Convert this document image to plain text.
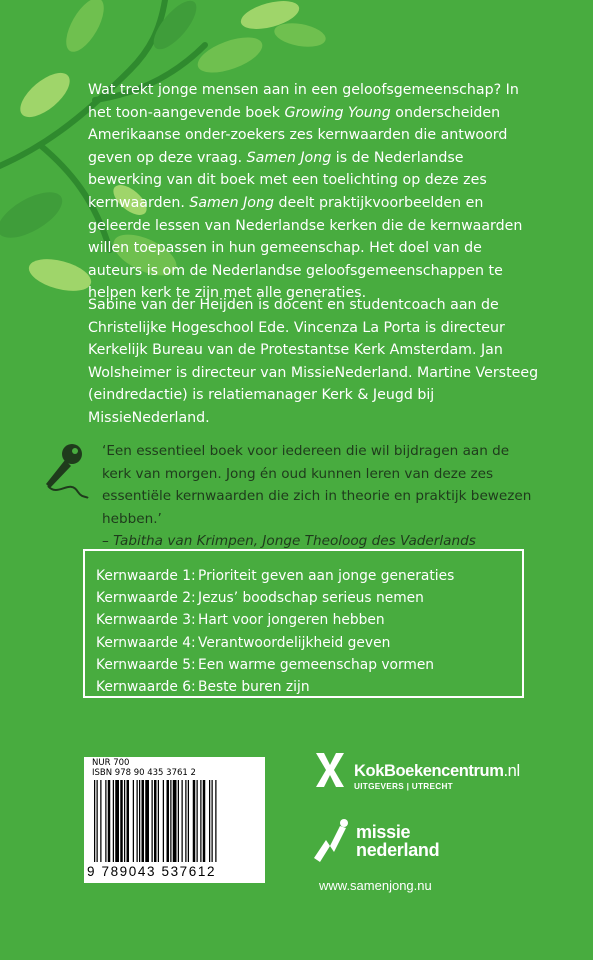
Wat trekt jonge mensen aan in een geloofsgemeenschap? In het toon-aangevende boek Growing Young onderscheiden Amerikaanse onder-zoekers zes kernwaarden die antwoord geven op deze vraag. Samen Jong is de Nederlandse bewerking van dit boek met een toelichting op deze zes kernwaarden. Samen Jong deelt praktijkvoorbeelden en geleerde lessen van Nederlandse kerken die de kernwaarden willen toepassen in hun gemeenschap. Het doel van de auteurs is om de Nederlandse geloofsgemeenschappen te helpen kerk te zijn met alle generaties.
Sabine van der Heijden is docent en studentcoach aan de Christelijke Hogeschool Ede. Vincenza La Porta is directeur Kerkelijk Bureau van de Protestantse Kerk Amsterdam. Jan Wolsheimer is directeur van MissieNederland. Martine Versteeg (eindredactie) is relatiemanager Kerk & Jeugd bij MissieNederland.
‘Een essentieel boek voor iedereen die wil bijdragen aan de kerk van morgen. Jong én oud kunnen leren van deze zes essentiële kernwaarden die zich in theorie en praktijk bewezen hebben.’
– Tabitha van Krimpen, Jonge Theoloog des Vaderlands
Kernwaarde 1: Prioriteit geven aan jonge generaties
Kernwaarde 2: Jezus’ boodschap serieus nemen
Kernwaarde 3: Hart voor jongeren hebben
Kernwaarde 4: Verantwoordelijkheid geven
Kernwaarde 5: Een warme gemeenschap vormen
Kernwaarde 6: Beste buren zijn
NUR 700
ISBN 978 90 435 3761 2
9 789043 537612
KokBoekencentrum.nl
UITGEVERS | UTRECHT
missie
nederland
www.samenjong.nu
